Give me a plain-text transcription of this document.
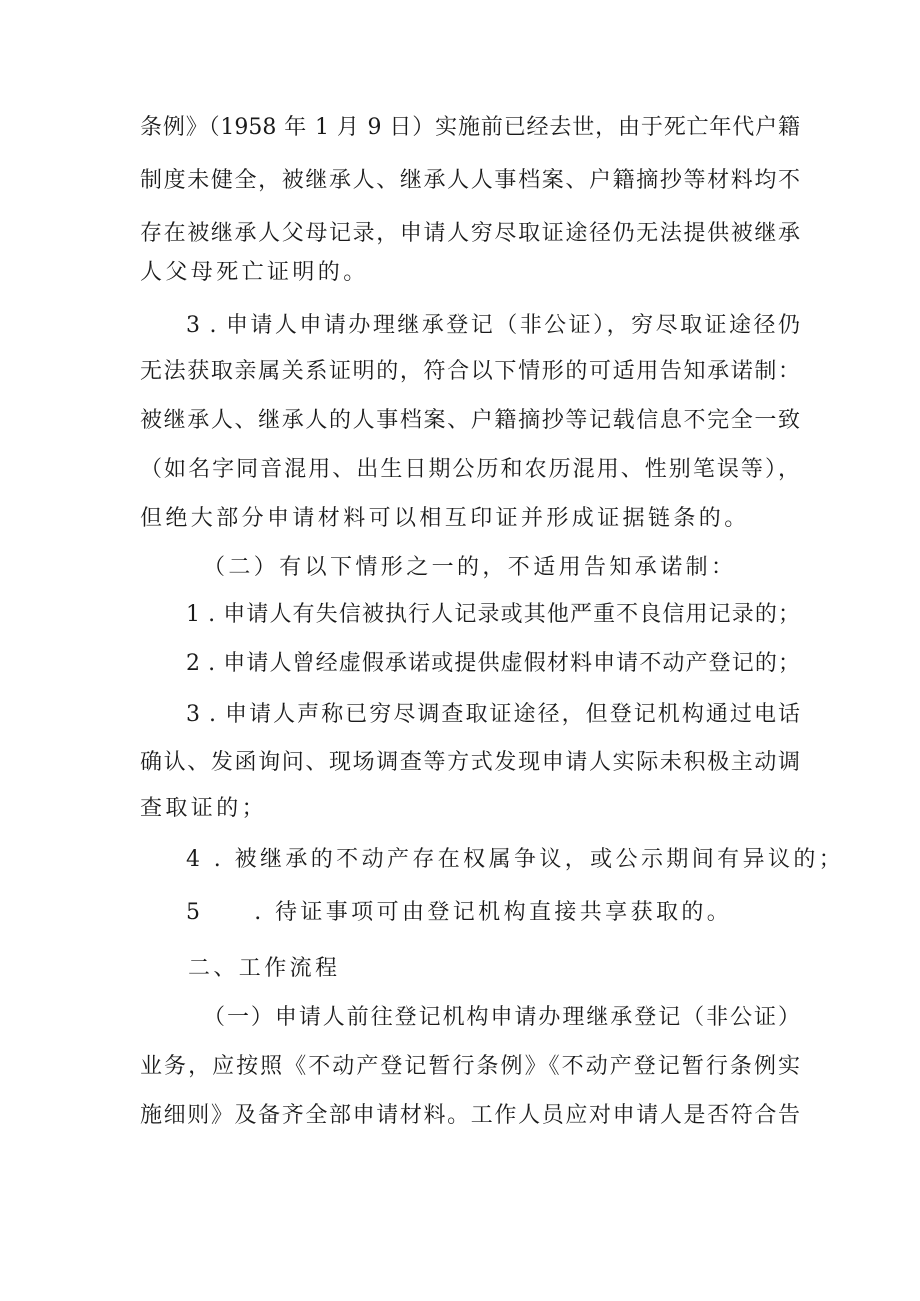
条例》（1958 年 1 月 9 日）实施前已经去世，由于死亡年代户籍
制度未健全，被继承人、继承人人事档案、户籍摘抄等材料均不
存在被继承人父母记录，申请人穷尽取证途径仍无法提供被继承
人父母死亡证明的。
3 . 申请人申请办理继承登记（非公证），穷尽取证途径仍
无法获取亲属关系证明的，符合以下情形的可适用告知承诺制：
被继承人、继承人的人事档案、户籍摘抄等记载信息不完全一致
（如名字同音混用、出生日期公历和农历混用、性别笔误等），
但绝大部分申请材料可以相互印证并形成证据链条的。
（二）有以下情形之一的，不适用告知承诺制：
1 . 申请人有失信被执行人记录或其他严重不良信用记录的；
2 . 申请人曾经虚假承诺或提供虚假材料申请不动产登记的；
3 . 申请人声称已穷尽调查取证途径，但登记机构通过电话
确认、发函询问、现场调查等方式发现申请人实际未积极主动调
查取证的；
4 . 被继承的不动产存在权属争议，或公示期间有异议的；
5　　. 待证事项可由登记机构直接共享获取的。
二、工作流程
（一）申请人前往登记机构申请办理继承登记（非公证）
业务，应按照《不动产登记暂行条例》《不动产登记暂行条例实
施细则》及备齐全部申请材料。工作人员应对申请人是否符合告
